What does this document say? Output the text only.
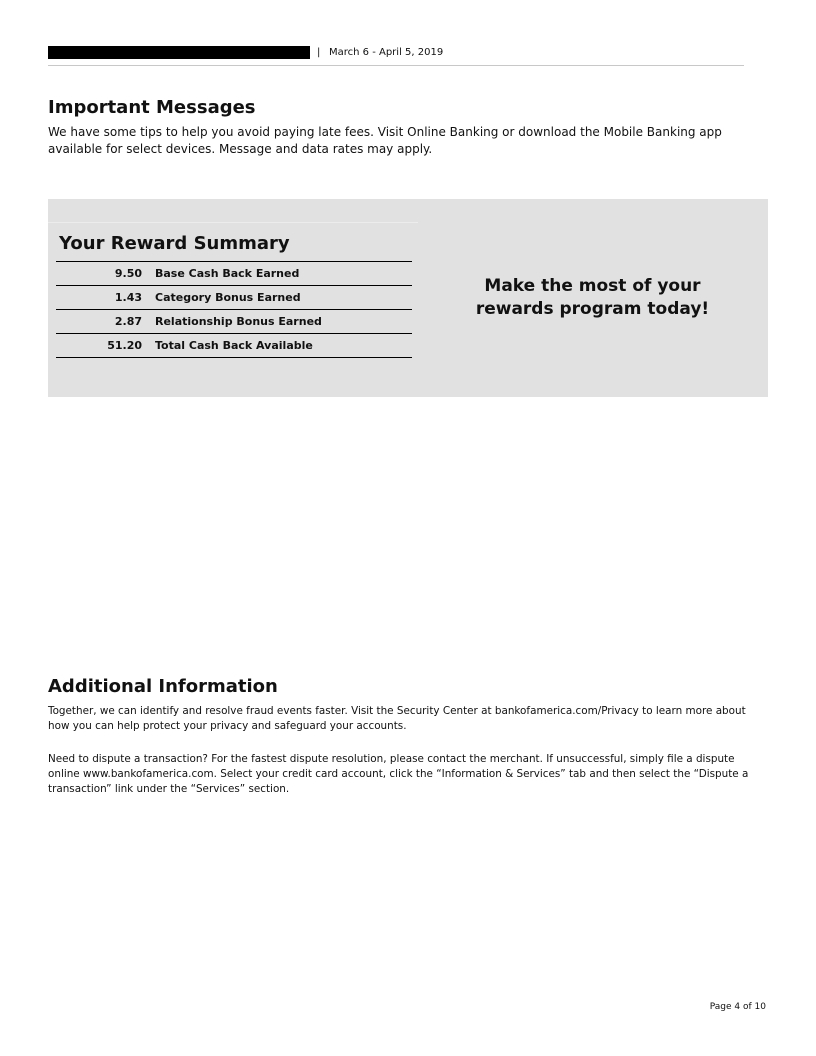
| March 6 - April 5, 2019
Important Messages
We have some tips to help you avoid paying late fees. Visit Online Banking or download the Mobile Banking app available for select devices. Message and data rates may apply.
Your Reward Summary
9.50 Base Cash Back Earned
1.43 Category Bonus Earned
2.87 Relationship Bonus Earned
51.20 Total Cash Back Available
Make the most of your
rewards program today!
Additional Information
Together, we can identify and resolve fraud events faster. Visit the Security Center at bankofamerica.com/Privacy to learn more about how you can help protect your privacy and safeguard your accounts.
Need to dispute a transaction? For the fastest dispute resolution, please contact the merchant. If unsuccessful, simply file a dispute online www.bankofamerica.com. Select your credit card account, click the “Information & Services” tab and then select the “Dispute a transaction” link under the “Services” section.
Page 4 of 10
